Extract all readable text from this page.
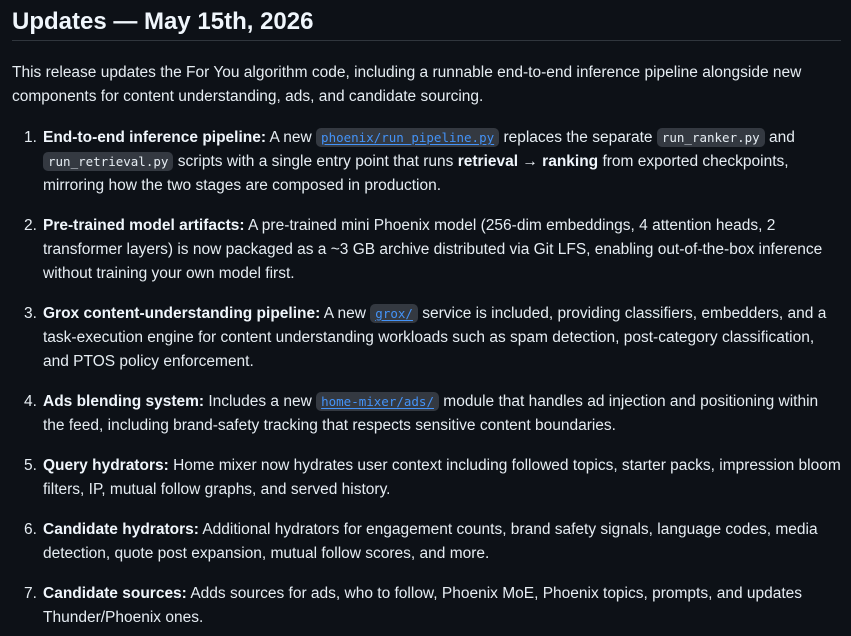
Updates — May 15th, 2026

This release updates the For You algorithm code, including a runnable end-to-end inference pipeline alongside new components for content understanding, ads, and candidate sourcing.

1. End-to-end inference pipeline: A new phoenix/run_pipeline.py replaces the separate run_ranker.py and run_retrieval.py scripts with a single entry point that runs retrieval → ranking from exported checkpoints, mirroring how the two stages are composed in production.
2. Pre-trained model artifacts: A pre-trained mini Phoenix model (256-dim embeddings, 4 attention heads, 2 transformer layers) is now packaged as a ~3 GB archive distributed via Git LFS, enabling out-of-the-box inference without training your own model first.
3. Grox content-understanding pipeline: A new grox/ service is included, providing classifiers, embedders, and a task-execution engine for content understanding workloads such as spam detection, post-category classification, and PTOS policy enforcement.
4. Ads blending system: Includes a new home-mixer/ads/ module that handles ad injection and positioning within the feed, including brand-safety tracking that respects sensitive content boundaries.
5. Query hydrators: Home mixer now hydrates user context including followed topics, starter packs, impression bloom filters, IP, mutual follow graphs, and served history.
6. Candidate hydrators: Additional hydrators for engagement counts, brand safety signals, language codes, media detection, quote post expansion, mutual follow scores, and more.
7. Candidate sources: Adds sources for ads, who to follow, Phoenix MoE, Phoenix topics, prompts, and updates Thunder/Phoenix ones.
